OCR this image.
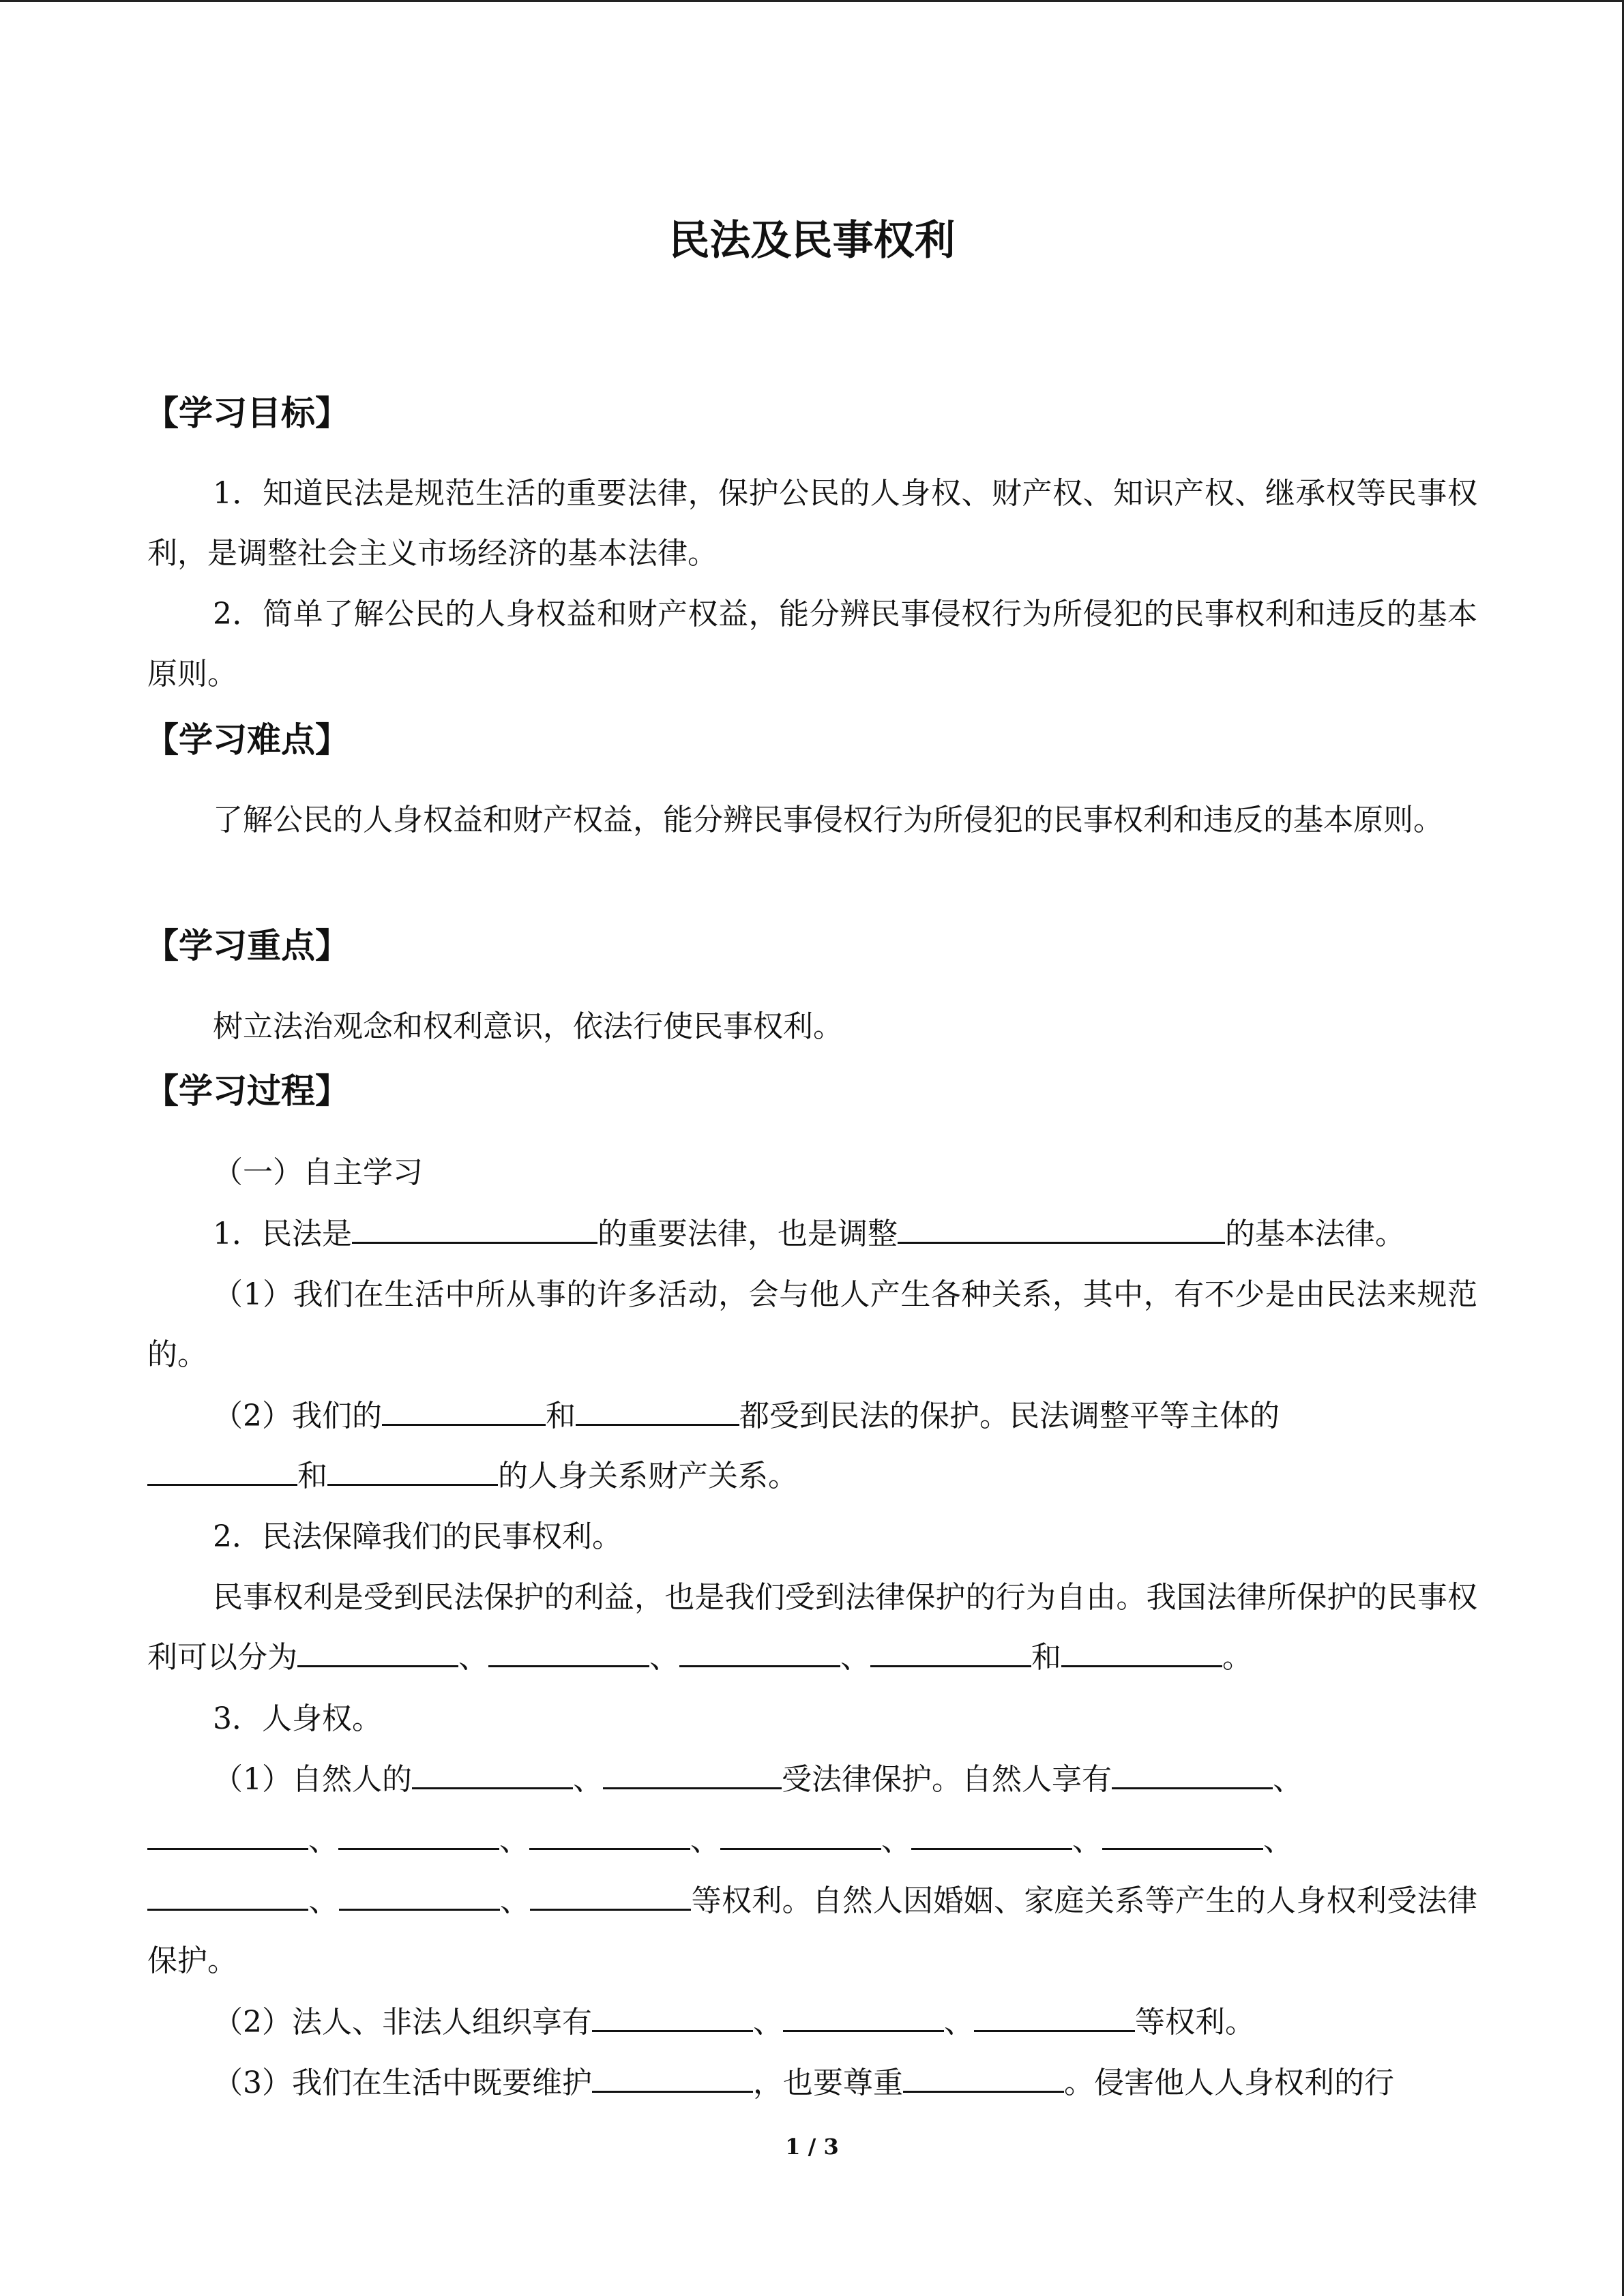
民法及民事权利
【学习目标】
1．知道民法是规范生活的重要法律，保护公民的人身权、财产权、知识产权、继承权等民事权利，是调整社会主义市场经济的基本法律。
2．简单了解公民的人身权益和财产权益，能分辨民事侵权行为所侵犯的民事权利和违反的基本原则。
【学习难点】
了解公民的人身权益和财产权益，能分辨民事侵权行为所侵犯的民事权利和违反的基本原则。
【学习重点】
树立法治观念和权利意识，依法行使民事权利。
【学习过程】
（一）自主学习
1．民法是	的重要法律，也是调整	的基本法律。
（1）我们在生活中所从事的许多活动，会与他人产生各种关系，其中，有不少是由民法来规范的。
（2）我们的	和	都受到民法的保护。民法调整平等主体的
和	的人身关系财产关系。
2．民法保障我们的民事权利。
民事权利是受到民法保护的利益，也是我们受到法律保护的行为自由。我国法律所保护的民事权利可以分为	、	、	、	和	。
3．人身权。
（1）自然人的	、	受法律保护。自然人享有	、
、	、	、	、	、	、
、	、	等权利。自然人因婚姻、家庭关系等产生的人身权利受法律保护。
（2）法人、非法人组织享有	、	、	等权利。
（3）我们在生活中既要维护	，也要尊重	。侵害他人人身权利的行
1 / 3
